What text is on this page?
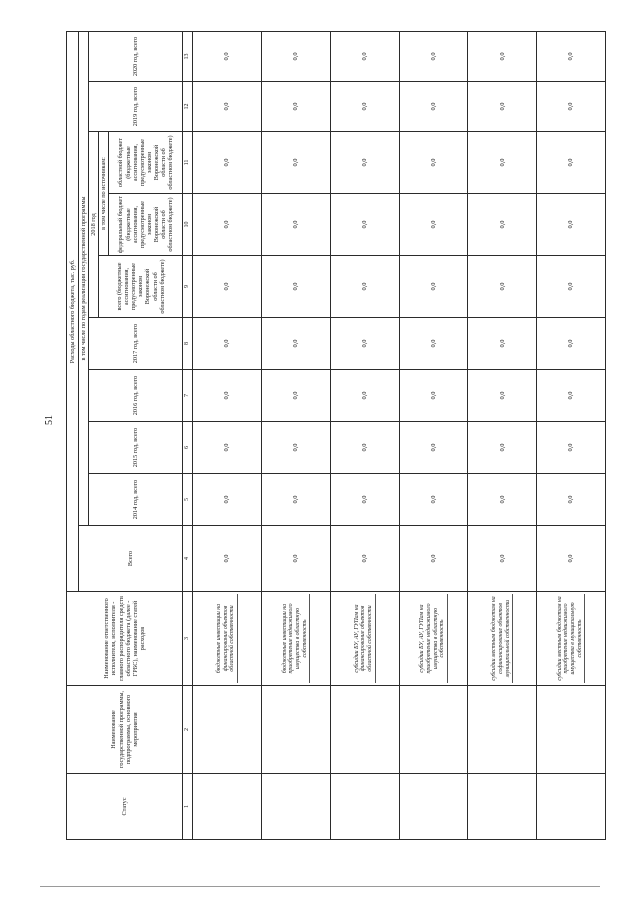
51
Статус	Наименование государственной программы, подпрограммы, основного мероприятия	Наименование ответственного исполнителя, исполнителя - главного распорядителя средств областного бюджета (далее - ГРБС), наименование статей расходов	Расходы областного бюджета, тыс. руб.									
			Всего	в том числе по годам реализации государственной программы								
				2014 год, всего	2015 год, всего	2016 год, всего	2017 год, всего	2018 год			2019 год, всего	2020 год, всего
								всего (бюджетные ассигнования, предусмотренные законом Воронежской области об областном бюджете)	в том числе по источникам:			
									федеральный бюджет (бюджетные ассигнования, предусмотренные законом Воронежской области об областном бюджете)	областной бюджет (бюджетные ассигнования, предусмотренные законом Воронежской области об областном бюджете)		
1	2	3	4	5	6	7	8	9	10	11	12	13

		бюджетные инвестиции на финансирование объектов областной собственности	0,0	0,0	0,0	0,0	0,0	0,0	0,0	0,0	0,0	0,0

		бюджетные инвестиции на приобретение недвижимого имущества в областную собственность	0,0	0,0	0,0	0,0	0,0	0,0	0,0	0,0	0,0	0,0

		субсидии БУ, АУ, ГУПам на финансирование объектов областной собственности	0,0	0,0	0,0	0,0	0,0	0,0	0,0	0,0	0,0	0,0

		субсидии БУ, АУ, ГУПам на приобретение недвижимого имущества в областную собственность	0,0	0,0	0,0	0,0	0,0	0,0	0,0	0,0	0,0	0,0

		субсидии местным бюджетам на софинансирование объектов муниципальной собственности	0,0	0,0	0,0	0,0	0,0	0,0	0,0	0,0	0,0	0,0

		субсидии местным бюджетам на приобретение недвижимого имущества в муниципальную собственность	0,0	0,0	0,0	0,0	0,0	0,0	0,0	0,0	0,0	0,0
